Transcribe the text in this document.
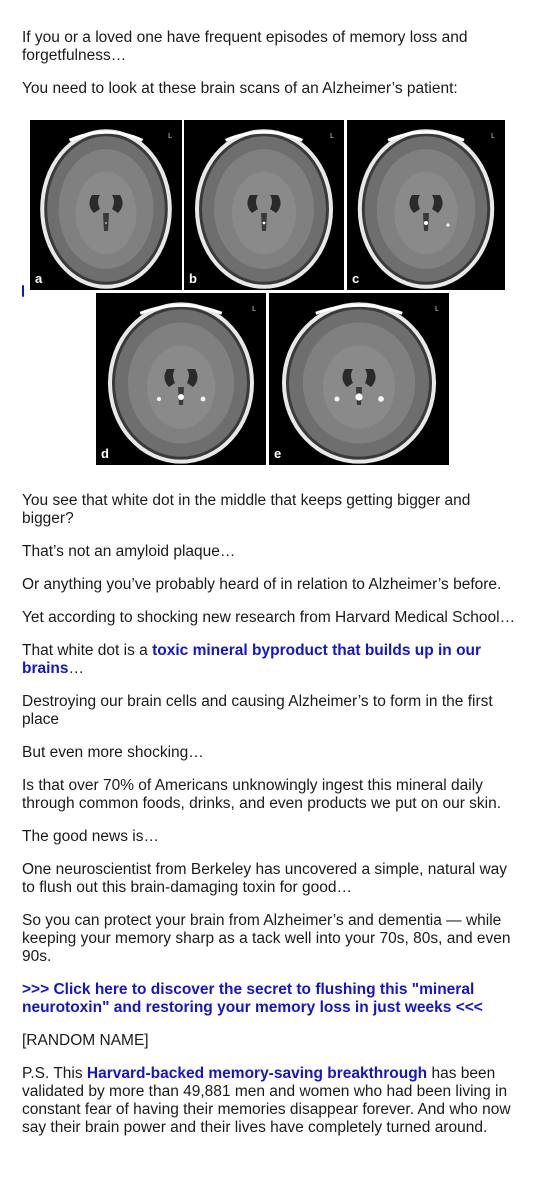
If you or a loved one have frequent episodes of memory loss and forgetfulness…

You need to look at these brain scans of an Alzheimer’s patient:

L
a
L
b
L
c
L
d
L
e

You see that white dot in the middle that keeps getting bigger and bigger?

That’s not an amyloid plaque…

Or anything you’ve probably heard of in relation to Alzheimer’s before.

Yet according to shocking new research from Harvard Medical School…

That white dot is a toxic mineral byproduct that builds up in our brains…

Destroying our brain cells and causing Alzheimer’s to form in the first place

But even more shocking…

Is that over 70% of Americans unknowingly ingest this mineral daily through common foods, drinks, and even products we put on our skin.

The good news is…

One neuroscientist from Berkeley has uncovered a simple, natural way to flush out this brain-damaging toxin for good…

So you can protect your brain from Alzheimer’s and dementia — while keeping your memory sharp as a tack well into your 70s, 80s, and even 90s.

>>> Click here to discover the secret to flushing this "mineral neurotoxin" and restoring your memory loss in just weeks <<<

[RANDOM NAME]

P.S. This Harvard-backed memory-saving breakthrough has been validated by more than 49,881 men and women who had been living in constant fear of having their memories disappear forever. And who now say their brain power and their lives have completely turned around.
